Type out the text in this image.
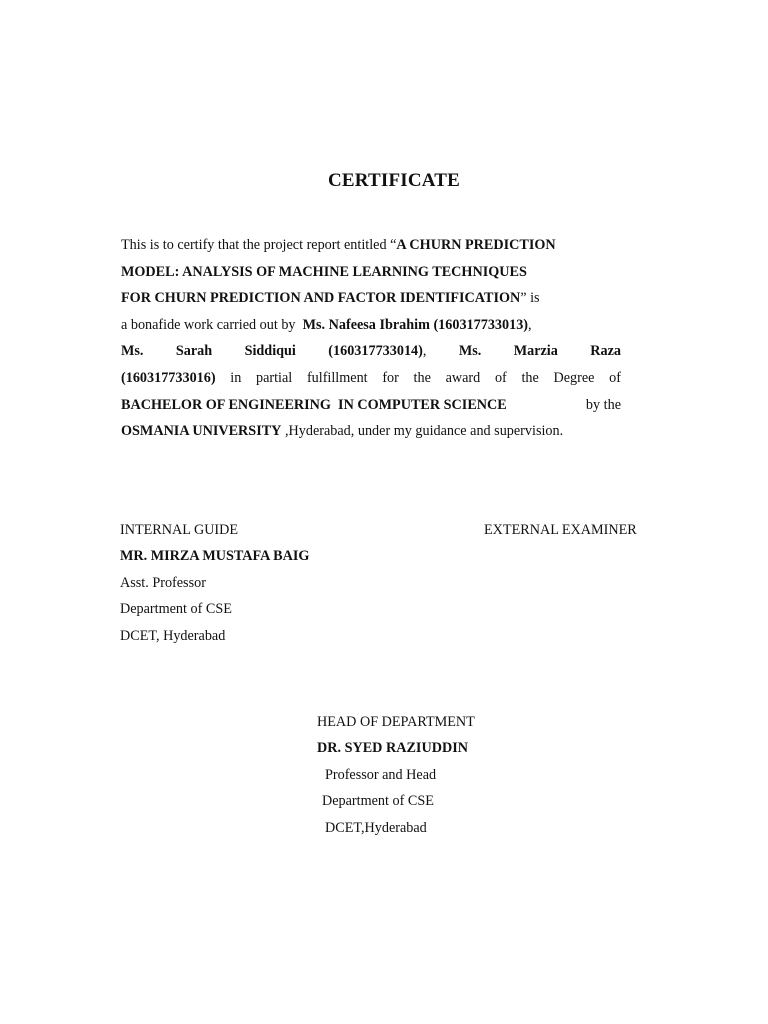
CERTIFICATE
This is to certify that the project report entitled “A CHURN PREDICTION
MODEL: ANALYSIS OF MACHINE LEARNING TECHNIQUES
FOR CHURN PREDICTION AND FACTOR IDENTIFICATION” is
a bonafide work carried out by Ms. Nafeesa Ibrahim (160317733013),
Ms. Sarah Siddiqui (160317733014), Ms. Marzia Raza
(160317733016) in partial fulfillment for the award of the Degree of
BACHELOR OF ENGINEERING  IN COMPUTER SCIENCE	by the
OSMANIA UNIVERSITY ,Hyderabad, under my guidance and supervision.
INTERNAL GUIDE
MR. MIRZA MUSTAFA BAIG
Asst. Professor
Department of CSE
DCET, Hyderabad
EXTERNAL EXAMINER
HEAD OF DEPARTMENT
DR. SYED RAZIUDDIN
Professor and Head
Department of CSE
DCET,Hyderabad
